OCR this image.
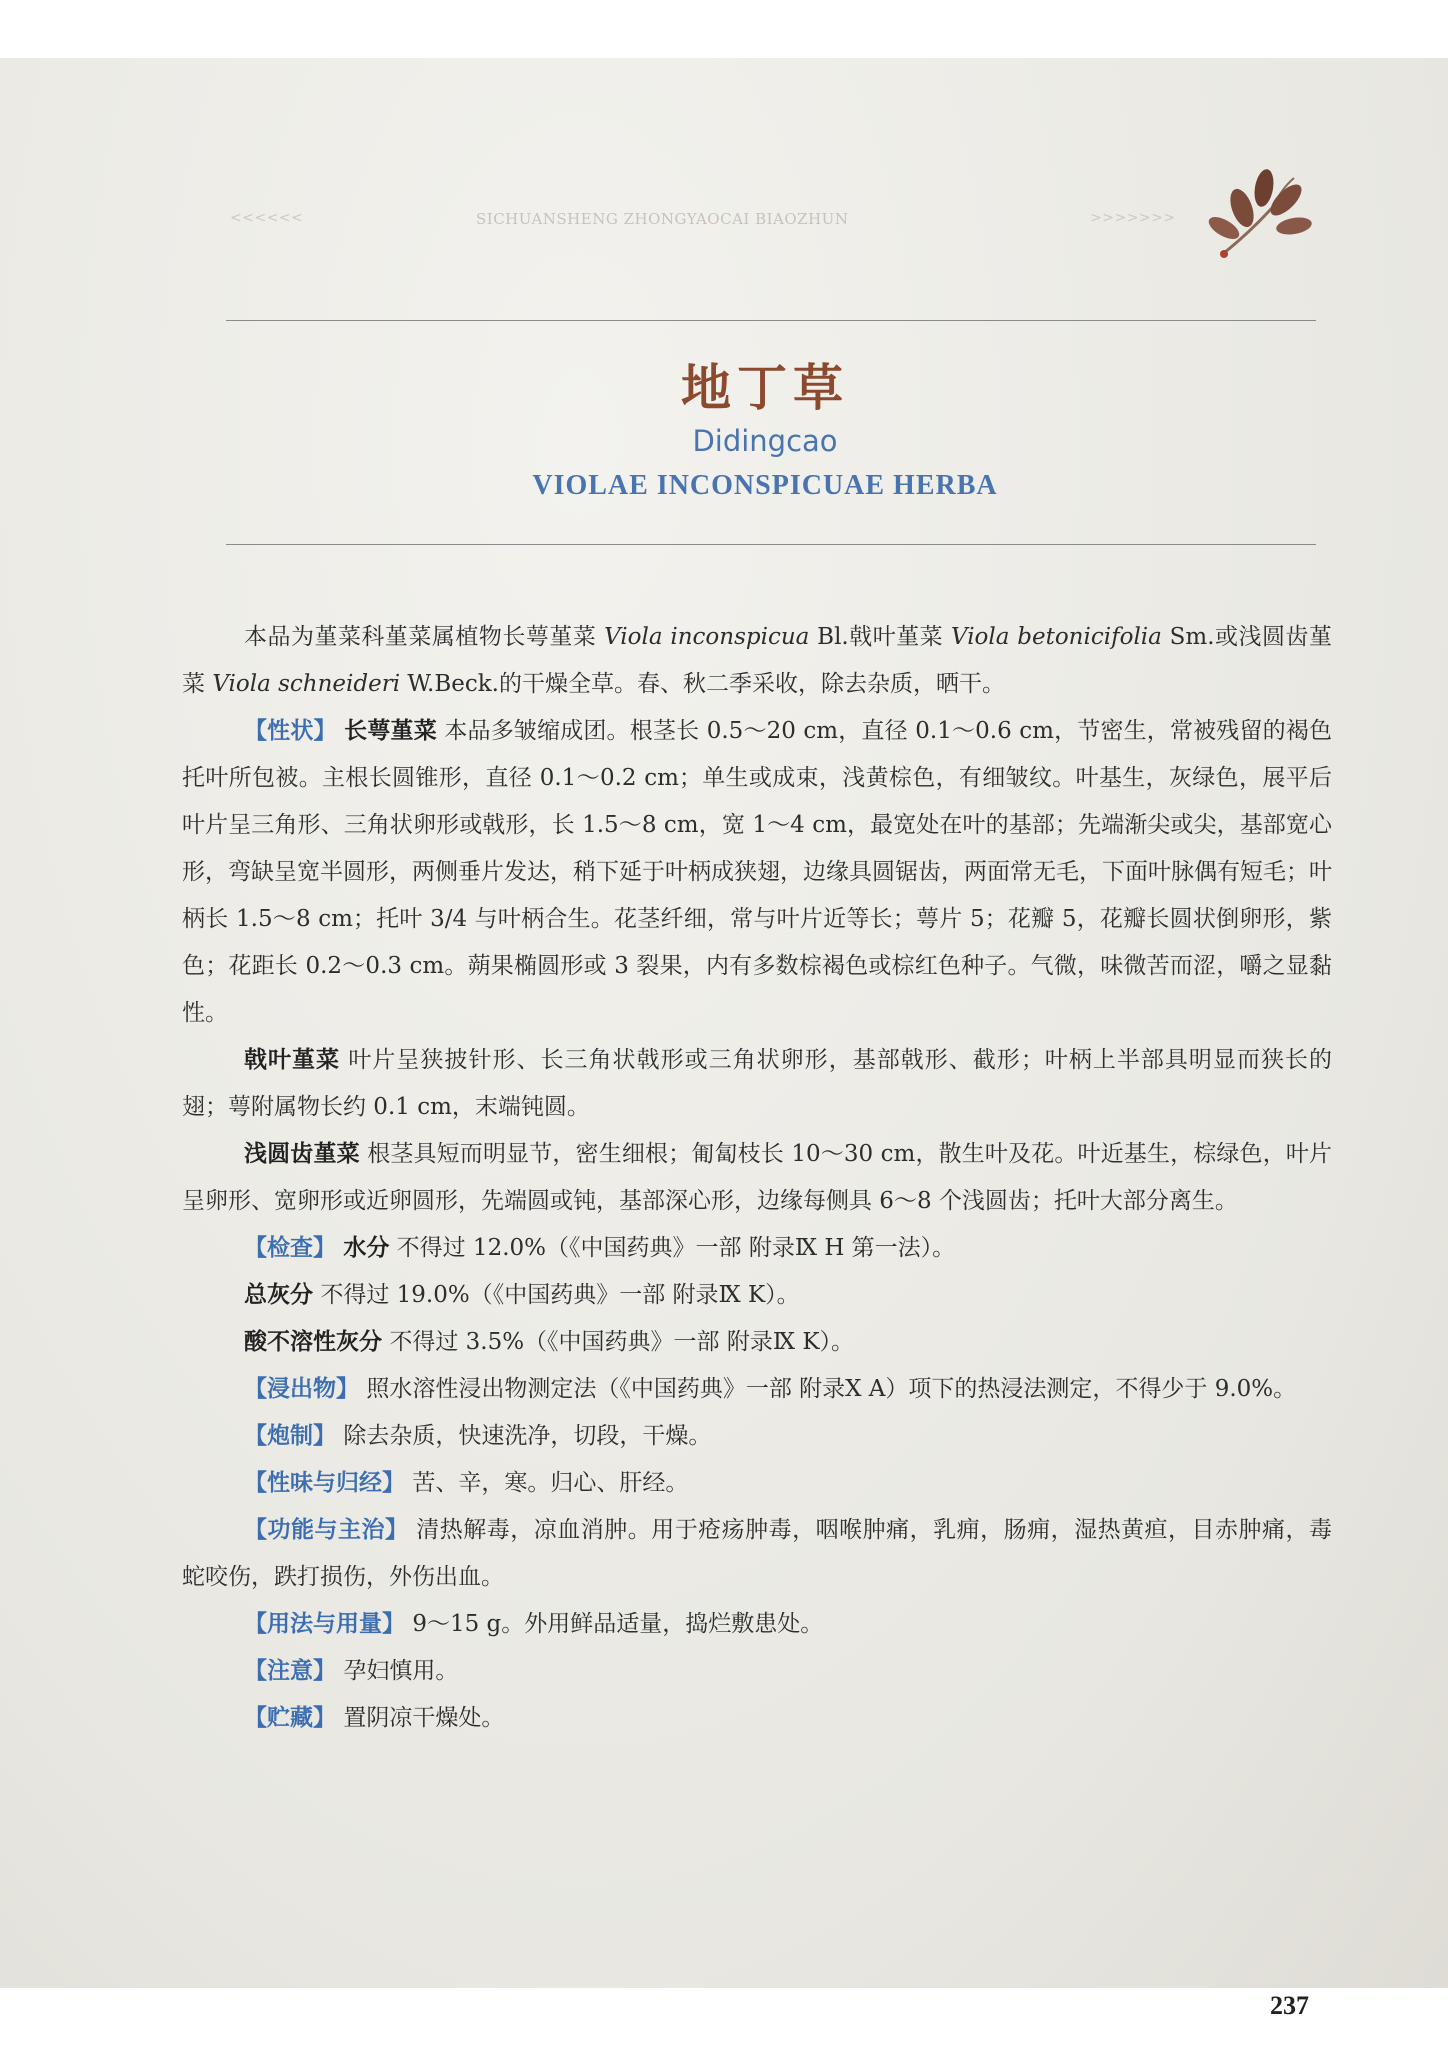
<<<<<<	SICHUANSHENG ZHONGYAOCAI BIAOZHUN	>>>>>>>
地丁草
Didingcao
VIOLAE INCONSPICUAE HERBA

本品为堇菜科堇菜属植物长萼堇菜 Viola inconspicua Bl.戟叶堇菜 Viola betonicifolia Sm.或浅圆齿堇菜 Viola schneideri W.Beck.的干燥全草。春、秋二季采收，除去杂质，晒干。

【性状】 长萼堇菜 本品多皱缩成团。根茎长 0.5～20 cm，直径 0.1～0.6 cm，节密生，常被残留的褐色托叶所包被。主根长圆锥形，直径 0.1～0.2 cm；单生或成束，浅黄棕色，有细皱纹。叶基生，灰绿色，展平后叶片呈三角形、三角状卵形或戟形，长 1.5～8 cm，宽 1～4 cm，最宽处在叶的基部；先端渐尖或尖，基部宽心形，弯缺呈宽半圆形，两侧垂片发达，稍下延于叶柄成狭翅，边缘具圆锯齿，两面常无毛，下面叶脉偶有短毛；叶柄长 1.5～8 cm；托叶 3/4 与叶柄合生。花茎纤细，常与叶片近等长；萼片 5；花瓣 5，花瓣长圆状倒卵形，紫色；花距长 0.2～0.3 cm。蒴果椭圆形或 3 裂果，内有多数棕褐色或棕红色种子。气微，味微苦而涩，嚼之显黏性。

戟叶堇菜 叶片呈狭披针形、长三角状戟形或三角状卵形，基部戟形、截形；叶柄上半部具明显而狭长的翅；萼附属物长约 0.1 cm，末端钝圆。

浅圆齿堇菜 根茎具短而明显节，密生细根；匍匐枝长 10～30 cm，散生叶及花。叶近基生，棕绿色，叶片呈卵形、宽卵形或近卵圆形，先端圆或钝，基部深心形，边缘每侧具 6～8 个浅圆齿；托叶大部分离生。

【检查】 水分 不得过 12.0%（《中国药典》一部 附录Ⅸ H 第一法）。

总灰分 不得过 19.0%（《中国药典》一部 附录Ⅸ K）。

酸不溶性灰分 不得过 3.5%（《中国药典》一部 附录Ⅸ K）。

【浸出物】 照水溶性浸出物测定法（《中国药典》一部 附录Ⅹ A）项下的热浸法测定，不得少于 9.0%。

【炮制】 除去杂质，快速洗净，切段，干燥。

【性味与归经】 苦、辛，寒。归心、肝经。

【功能与主治】 清热解毒，凉血消肿。用于疮疡肿毒，咽喉肿痛，乳痈，肠痈，湿热黄疸，目赤肿痛，毒蛇咬伤，跌打损伤，外伤出血。

【用法与用量】 9～15 g。外用鲜品适量，捣烂敷患处。

【注意】 孕妇慎用。

【贮藏】 置阴凉干燥处。

237
